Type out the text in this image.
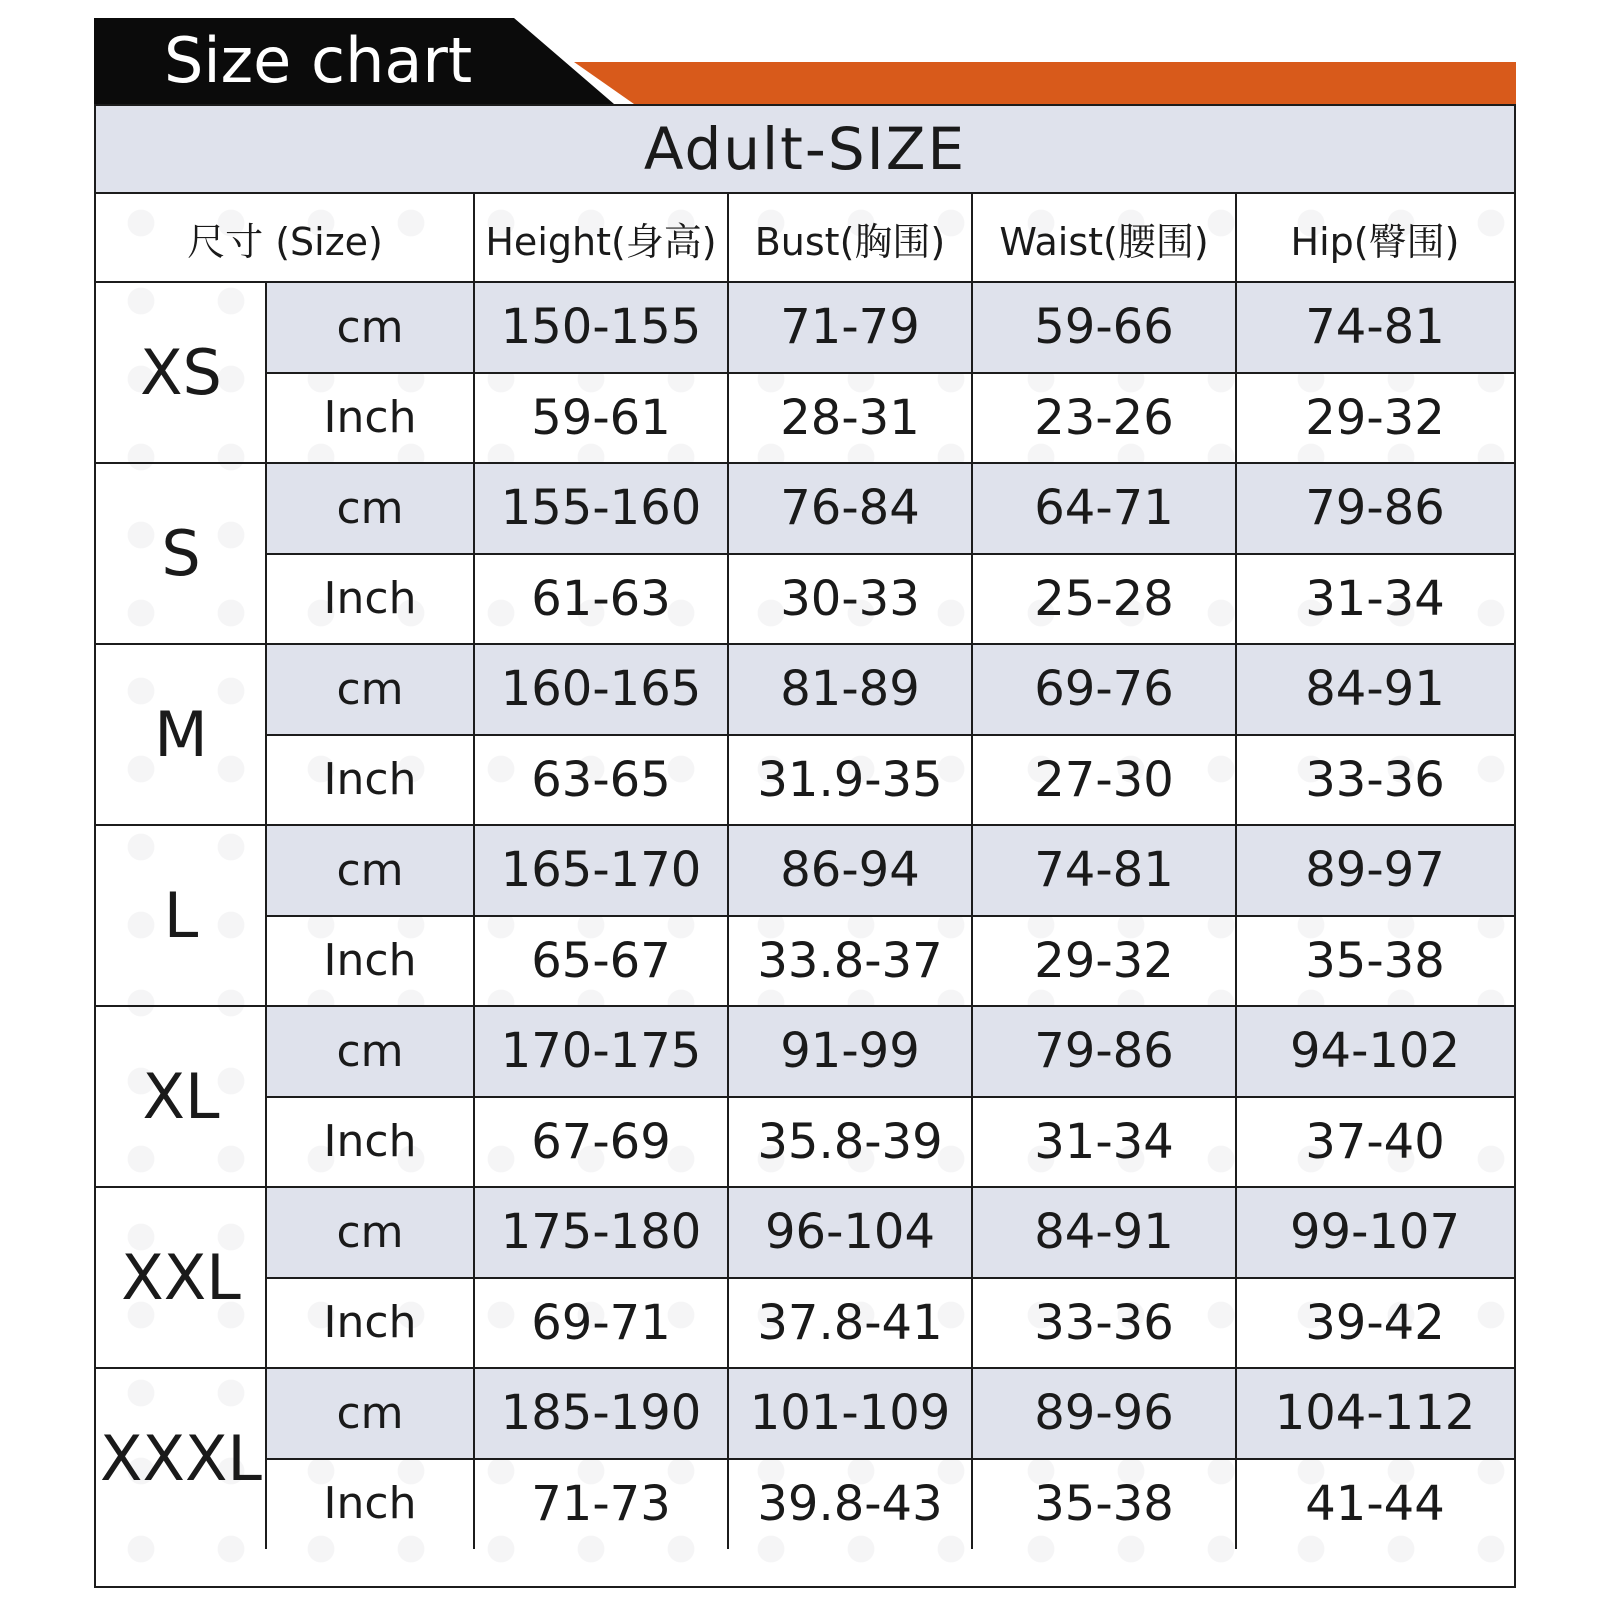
Size chart
Adult-SIZE
尺寸 (Size)	Height(身高)	Bust(胸围)	Waist(腰围)	Hip(臀围)
XS
cm	150-155	71-79	59-66	74-81
Inch	59-61	28-31	23-26	29-32
S
cm	155-160	76-84	64-71	79-86
Inch	61-63	30-33	25-28	31-34
M
cm	160-165	81-89	69-76	84-91
Inch	63-65	31.9-35	27-30	33-36
L
cm	165-170	86-94	74-81	89-97
Inch	65-67	33.8-37	29-32	35-38
XL
cm	170-175	91-99	79-86	94-102
Inch	67-69	35.8-39	31-34	37-40
XXL
cm	175-180	96-104	84-91	99-107
Inch	69-71	37.8-41	33-36	39-42
XXXL
cm	185-190	101-109	89-96	104-112
Inch	71-73	39.8-43	35-38	41-44
